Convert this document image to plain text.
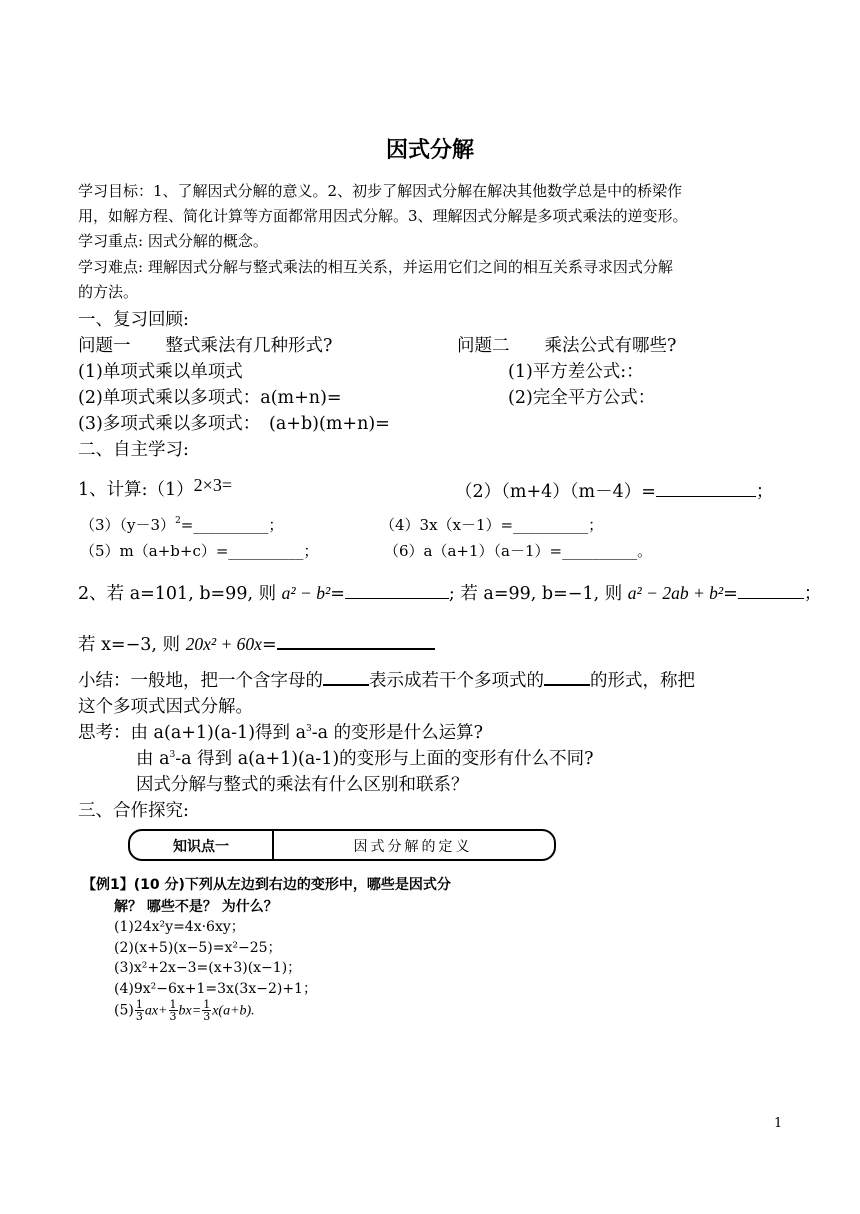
因式分解
学习目标：1、了解因式分解的意义。2、初步了解因式分解在解决其他数学总是中的桥梁作
用，如解方程、简化计算等方面都常用因式分解。3、理解因式分解是多项式乘法的逆变形。
学习重点: 因式分解的概念。
学习难点: 理解因式分解与整式乘法的相互关系，并运用它们之间的相互关系寻求因式分解
的方法。
一、复习回顾:
问题一　　整式乘法有几种形式?	问题二　　乘法公式有哪些?
(1)单项式乘以单项式	(1)平方差公式:：
(2)单项式乘以多项式：a(m+n)=	(2)完全平方公式：
(3)多项式乘以多项式：　(a+b)(m+n)=
二、自主学习:
1、计算:（1）2×3=	（2）（m+4）（m－4）=	；
$(3)(y-3)^2=\_\_\_\_\_\_\_\_\_\_$；	（4）3x（x－1）=__________；
（5）m（a+b+c）=__________；	（6）a（a+1）（a－1）=__________。
2、若 a=101, b=99, 则 a² − b²=	; 若 a=99, b=−1, 则 a² − 2ab + b²=	；
若 x=−3, 则 20x² + 60x=
小结：一般地，把一个含字母的	表示成若干个多项式的	的形式，称把
这个多项式因式分解。
思考：由 a(a+1)(a-1)得到 $a^3-a$ 的变形是什么运算?
由 $a^3-a$ 得到 a(a+1)(a-1)的变形与上面的变形有什么不同?
因式分解与整式的乘法有什么区别和联系？
三、合作探究:
知识点一	因式分解的定义
【例1】(10 分)下列从左边到右边的变形中，哪些是因式分
解？ 哪些不是？ 为什么？
(1)24x²y=4x·6xy；
(2)(x+5)(x−5)=x²−25；
(3)x²+2x−3=(x+3)(x−1)；
(4)9x²−6x+1=3x(3x−2)+1；
$(5) \frac{1}{3} ax+ \frac{1}{3} bx= \frac{1}{3} x(a+b)$.
1
